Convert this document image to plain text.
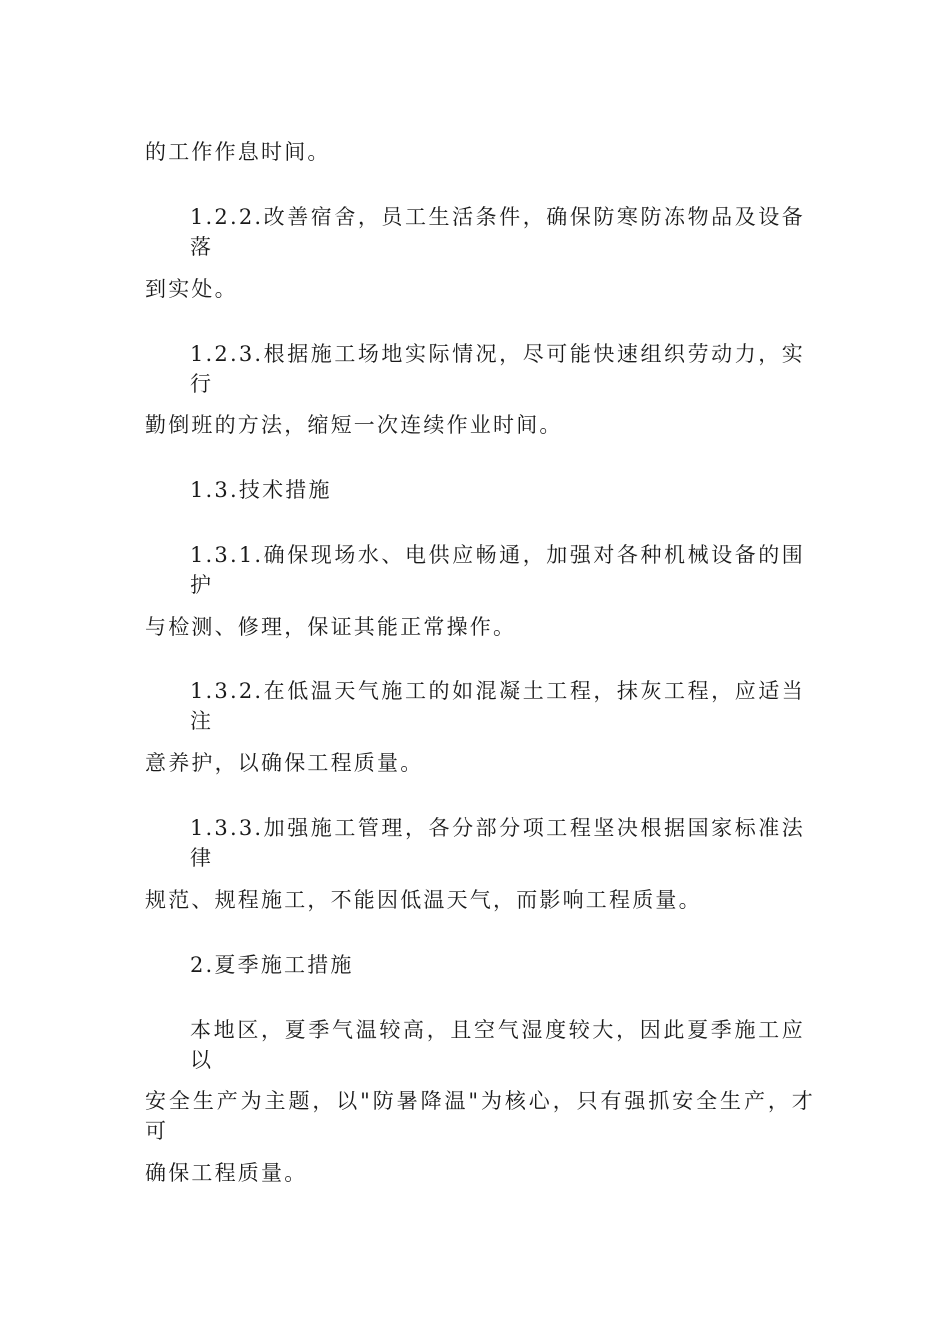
的工作作息时间。
1.2.2.改善宿舍，员工生活条件，确保防寒防冻物品及设备落
到实处。
1.2.3.根据施工场地实际情况，尽可能快速组织劳动力，实行
勤倒班的方法，缩短一次连续作业时间。
1.3.技术措施
1.3.1.确保现场水、电供应畅通，加强对各种机械设备的围护
与检测、修理，保证其能正常操作。
1.3.2.在低温天气施工的如混凝土工程，抹灰工程，应适当注
意养护，以确保工程质量。
1.3.3.加强施工管理，各分部分项工程坚决根据国家标准法律
规范、规程施工，不能因低温天气，而影响工程质量。
2.夏季施工措施
本地区，夏季气温较高，且空气湿度较大，因此夏季施工应以
安全生产为主题，以"防暑降温"为核心，只有强抓安全生产，才可
确保工程质量。
